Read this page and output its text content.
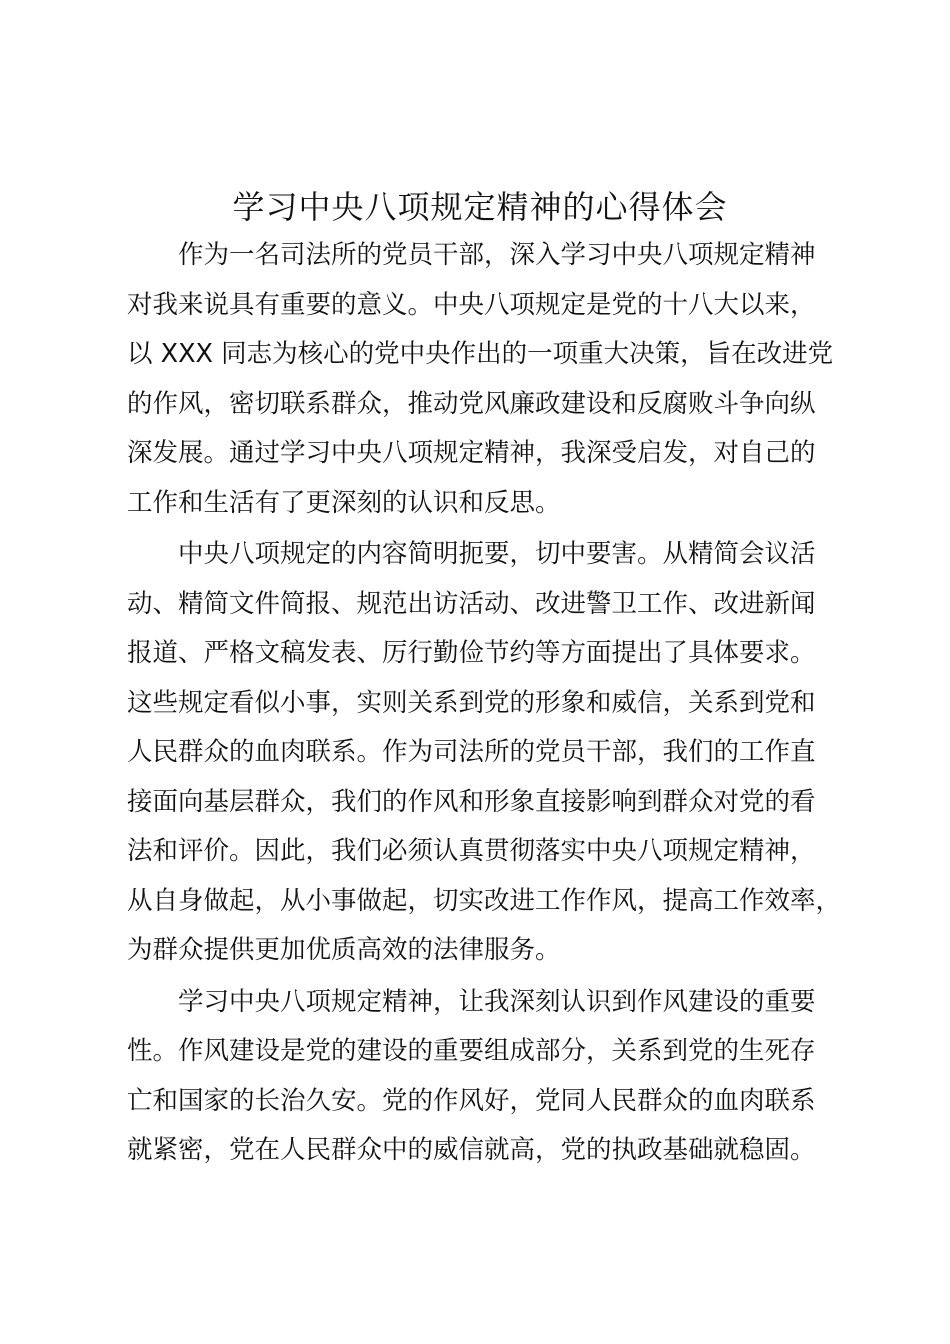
学习中央八项规定精神的心得体会
　　作为一名司法所的党员干部，深入学习中央八项规定精神
对我来说具有重要的意义。中央八项规定是党的十八大以来，
以 XXX 同志为核心的党中央作出的一项重大决策，旨在改进党
的作风，密切联系群众，推动党风廉政建设和反腐败斗争向纵
深发展。通过学习中央八项规定精神，我深受启发，对自己的
工作和生活有了更深刻的认识和反思。
　　中央八项规定的内容简明扼要，切中要害。从精简会议活
动、精简文件简报、规范出访活动、改进警卫工作、改进新闻
报道、严格文稿发表、厉行勤俭节约等方面提出了具体要求。
这些规定看似小事，实则关系到党的形象和威信，关系到党和
人民群众的血肉联系。作为司法所的党员干部，我们的工作直
接面向基层群众，我们的作风和形象直接影响到群众对党的看
法和评价。因此，我们必须认真贯彻落实中央八项规定精神，
从自身做起，从小事做起，切实改进工作作风，提高工作效率，
为群众提供更加优质高效的法律服务。
　　学习中央八项规定精神，让我深刻认识到作风建设的重要
性。作风建设是党的建设的重要组成部分，关系到党的生死存
亡和国家的长治久安。党的作风好，党同人民群众的血肉联系
就紧密，党在人民群众中的威信就高，党的执政基础就稳固。
